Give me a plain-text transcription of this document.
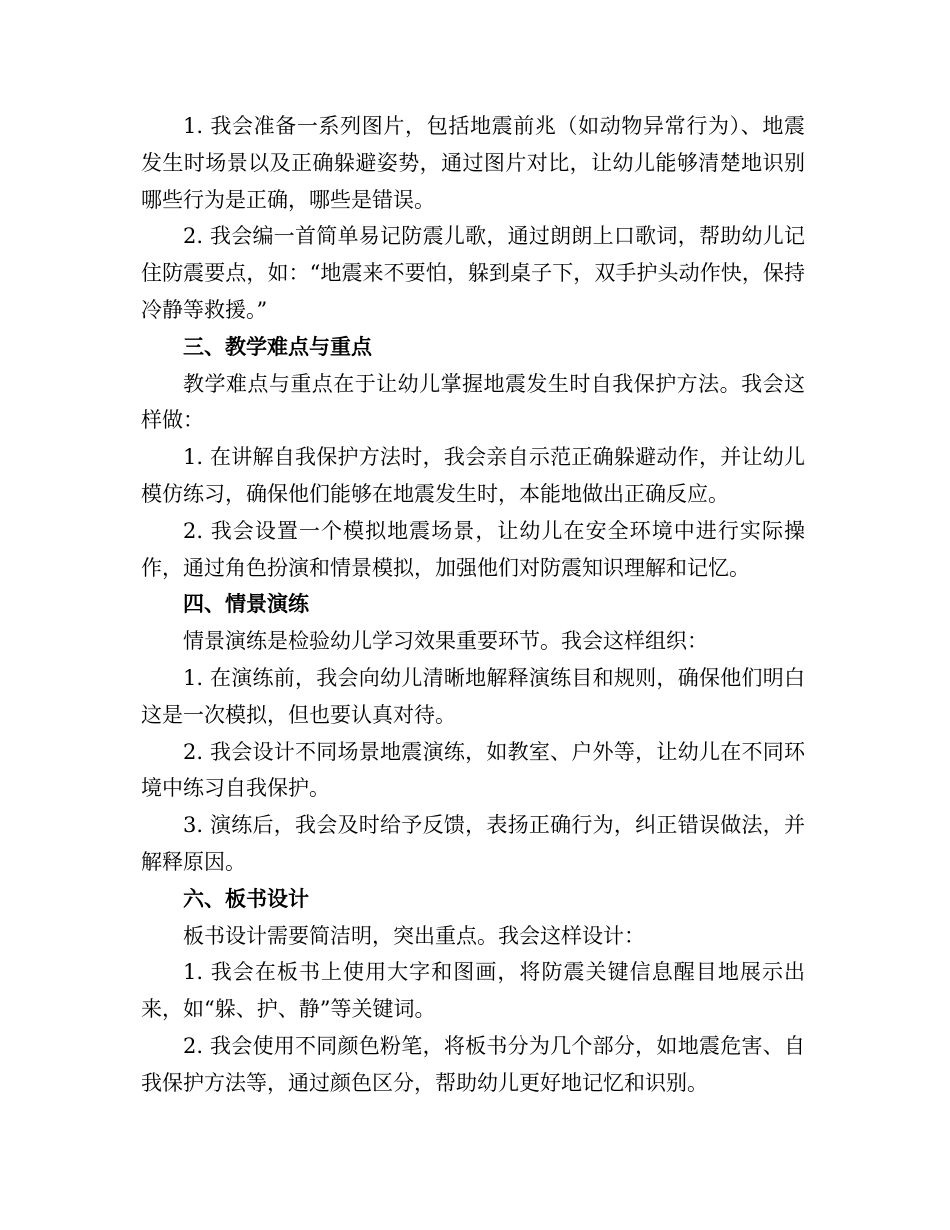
1. 我会准备一系列图片，包括地震前兆（如动物异常行为）、地震发生时场景以及正确躲避姿势，通过图片对比，让幼儿能够清楚地识别哪些行为是正确，哪些是错误。

2. 我会编一首简单易记防震儿歌，通过朗朗上口歌词，帮助幼儿记住防震要点，如：“地震来不要怕，躲到桌子下，双手护头动作快，保持冷静等救援。”

三、教学难点与重点

教学难点与重点在于让幼儿掌握地震发生时自我保护方法。我会这样做：

1. 在讲解自我保护方法时，我会亲自示范正确躲避动作，并让幼儿模仿练习，确保他们能够在地震发生时，本能地做出正确反应。

2. 我会设置一个模拟地震场景，让幼儿在安全环境中进行实际操作，通过角色扮演和情景模拟，加强他们对防震知识理解和记忆。

四、情景演练

情景演练是检验幼儿学习效果重要环节。我会这样组织：

1. 在演练前，我会向幼儿清晰地解释演练目和规则，确保他们明白这是一次模拟，但也要认真对待。

2. 我会设计不同场景地震演练，如教室、户外等，让幼儿在不同环境中练习自我保护。

3. 演练后，我会及时给予反馈，表扬正确行为，纠正错误做法，并解释原因。

六、板书设计

板书设计需要简洁明，突出重点。我会这样设计：

1. 我会在板书上使用大字和图画，将防震关键信息醒目地展示出来，如“躲、护、静”等关键词。

2. 我会使用不同颜色粉笔，将板书分为几个部分，如地震危害、自我保护方法等，通过颜色区分，帮助幼儿更好地记忆和识别。
